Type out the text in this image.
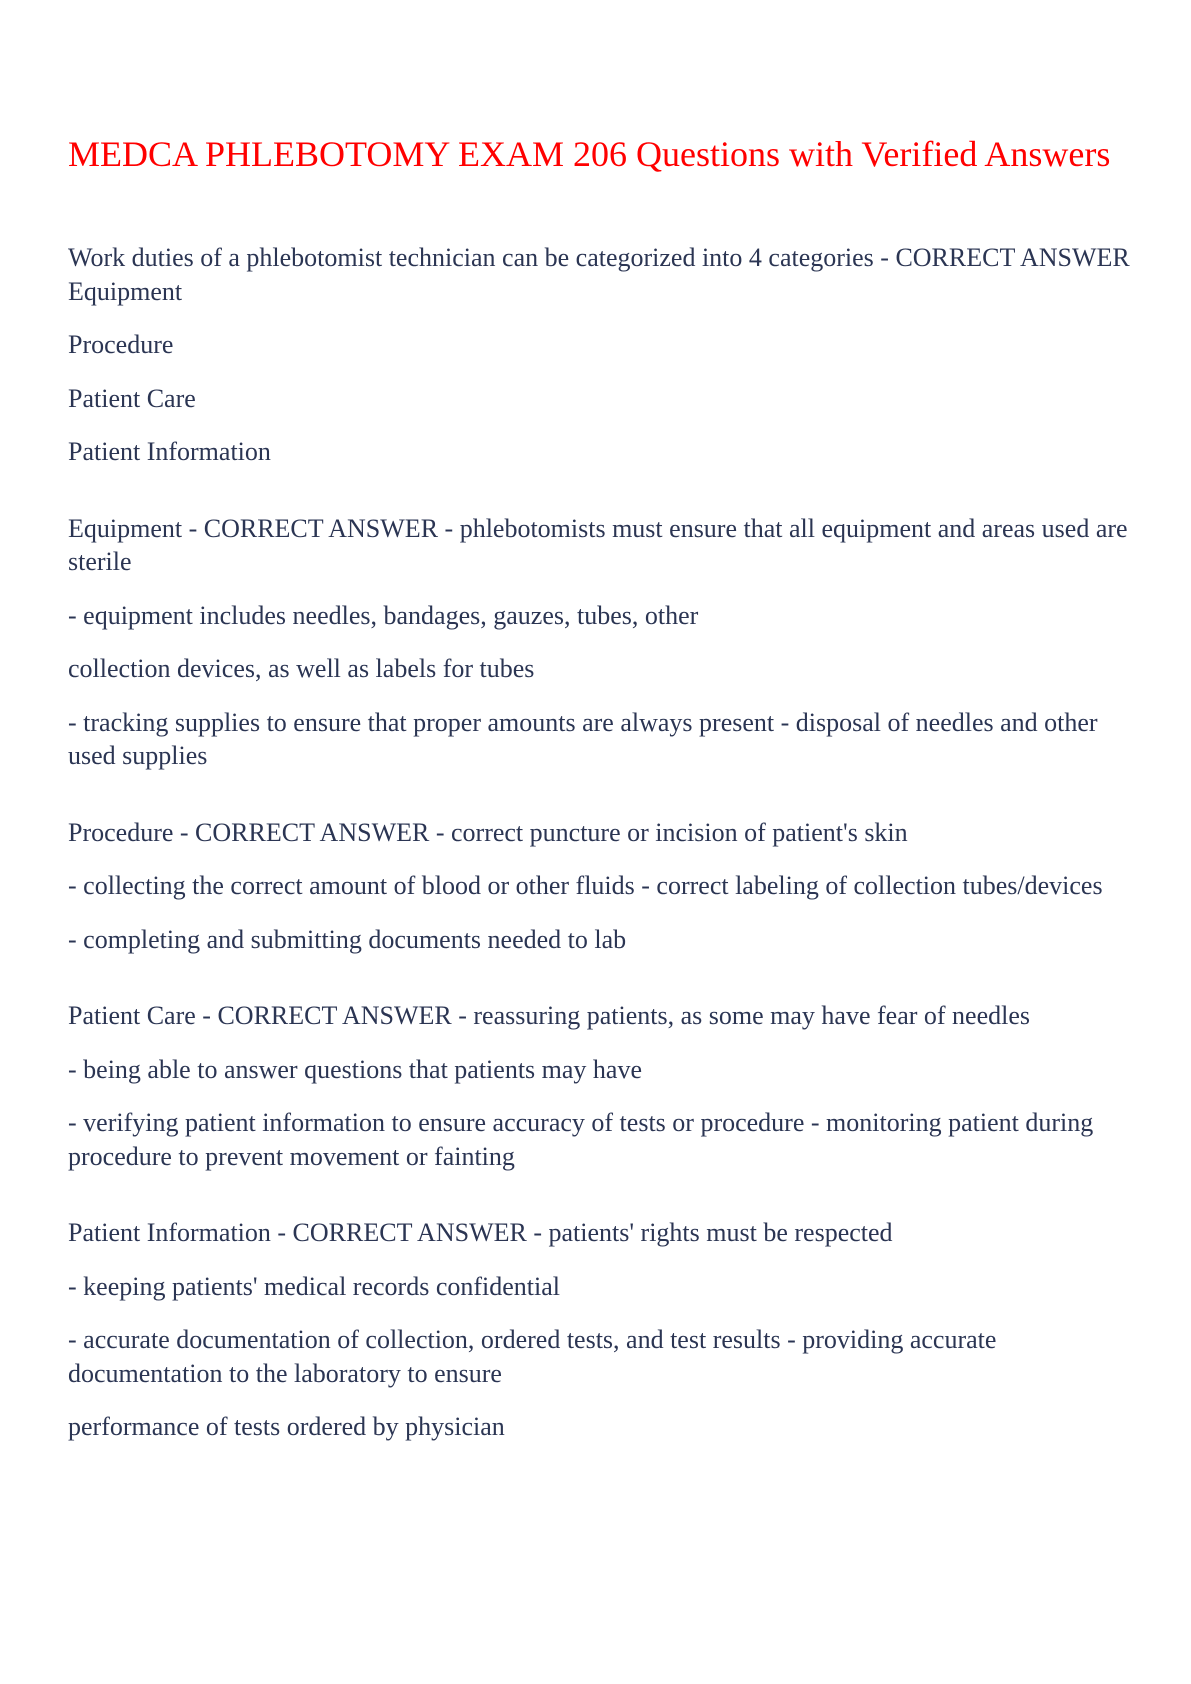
MEDCA PHLEBOTOMY EXAM 206 Questions with Verified Answers

Work duties of a phlebotomist technician can be categorized into 4 categories - CORRECT ANSWER Equipment

Procedure

Patient Care

Patient Information

Equipment - CORRECT ANSWER - phlebotomists must ensure that all equipment and areas used are sterile

- equipment includes needles, bandages, gauzes, tubes, other

collection devices, as well as labels for tubes

- tracking supplies to ensure that proper amounts are always present - disposal of needles and other used supplies

Procedure - CORRECT ANSWER - correct puncture or incision of patient's skin

- collecting the correct amount of blood or other fluids - correct labeling of collection tubes/devices

- completing and submitting documents needed to lab

Patient Care - CORRECT ANSWER - reassuring patients, as some may have fear of needles

- being able to answer questions that patients may have

- verifying patient information to ensure accuracy of tests or procedure - monitoring patient during procedure to prevent movement or fainting

Patient Information - CORRECT ANSWER - patients' rights must be respected

- keeping patients' medical records confidential

- accurate documentation of collection, ordered tests, and test results - providing accurate documentation to the laboratory to ensure

performance of tests ordered by physician
